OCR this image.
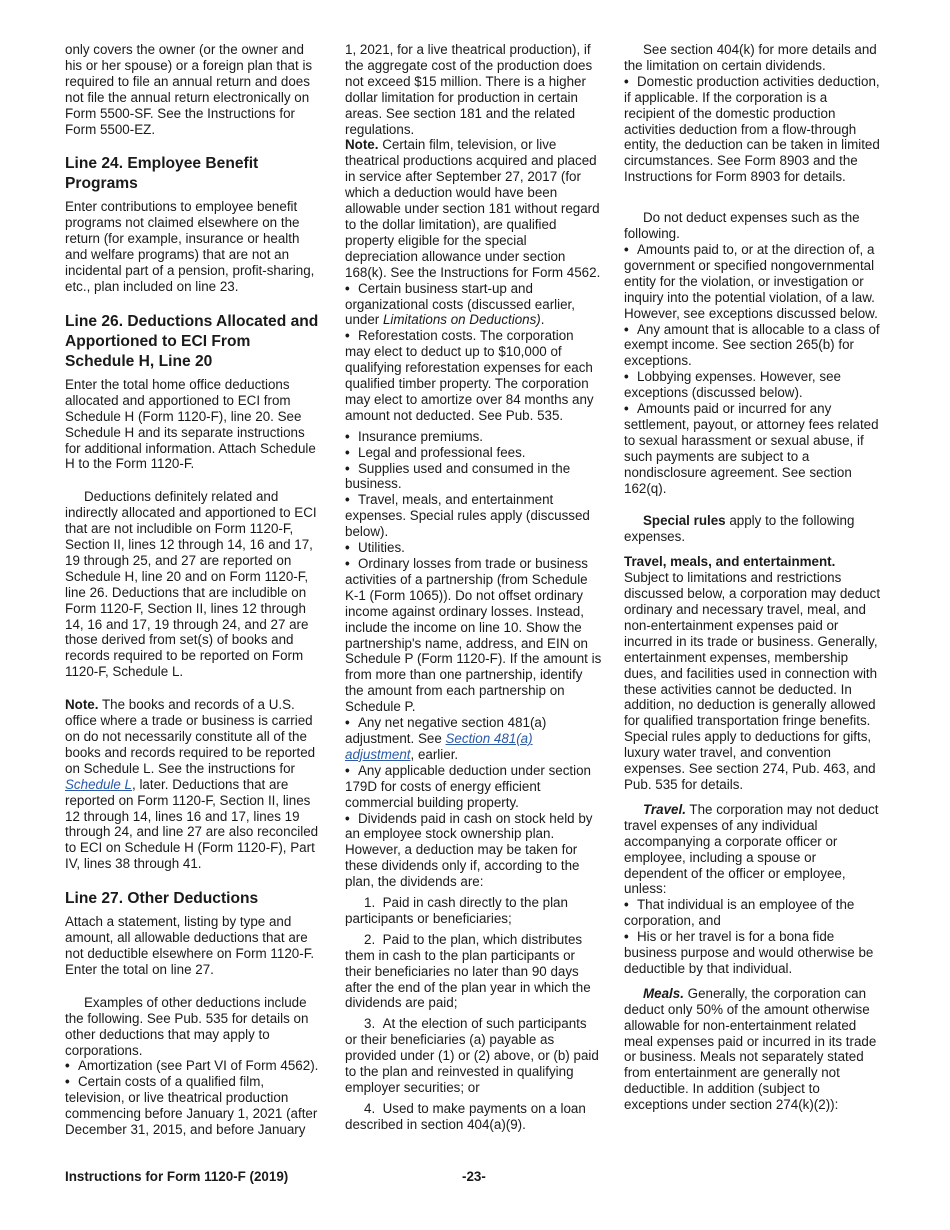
only covers the owner (or the owner and his or her spouse) or a foreign plan that is required to file an annual return and does not file the annual return electronically on Form 5500-SF. See the Instructions for Form 5500-EZ.

Line 24. Employee Benefit Programs

Enter contributions to employee benefit programs not claimed elsewhere on the return (for example, insurance or health and welfare programs) that are not an incidental part of a pension, profit-sharing, etc., plan included on line 23.

Line 26. Deductions Allocated and Apportioned to ECI From Schedule H, Line 20

Enter the total home office deductions allocated and apportioned to ECI from Schedule H (Form 1120-F), line 20. See Schedule H and its separate instructions for additional information. Attach Schedule H to the Form 1120-F.

Deductions definitely related and indirectly allocated and apportioned to ECI that are not includible on Form 1120-F, Section II, lines 12 through 14, 16 and 17, 19 through 25, and 27 are reported on Schedule H, line 20 and on Form 1120-F, line 26. Deductions that are includible on Form 1120-F, Section II, lines 12 through 14, 16 and 17, 19 through 24, and 27 are those derived from set(s) of books and records required to be reported on Form 1120-F, Schedule L.

Note. The books and records of a U.S. office where a trade or business is carried on do not necessarily constitute all of the books and records required to be reported on Schedule L. See the instructions for Schedule L, later. Deductions that are reported on Form 1120-F, Section II, lines 12 through 14, lines 16 and 17, lines 19 through 24, and line 27 are also reconciled to ECI on Schedule H (Form 1120-F), Part IV, lines 38 through 41.

Line 27. Other Deductions

Attach a statement, listing by type and amount, all allowable deductions that are not deductible elsewhere on Form 1120-F. Enter the total on line 27.

Examples of other deductions include the following. See Pub. 535 for details on other deductions that may apply to corporations.

• Amortization (see Part VI of Form 4562).

• Certain costs of a qualified film, television, or live theatrical production commencing before January 1, 2021 (after December 31, 2015, and before January

1, 2021, for a live theatrical production), if the aggregate cost of the production does not exceed $15 million. There is a higher dollar limitation for production in certain areas. See section 181 and the related regulations.

Note. Certain film, television, or live theatrical productions acquired and placed in service after September 27, 2017 (for which a deduction would have been allowable under section 181 without regard to the dollar limitation), are qualified property eligible for the special depreciation allowance under section 168(k). See the Instructions for Form 4562.

• Certain business start-up and organizational costs (discussed earlier, under Limitations on Deductions).

• Reforestation costs. The corporation may elect to deduct up to $10,000 of qualifying reforestation expenses for each qualified timber property. The corporation may elect to amortize over 84 months any amount not deducted. See Pub. 535.

• Insurance premiums.

• Legal and professional fees.

• Supplies used and consumed in the business.

• Travel, meals, and entertainment expenses. Special rules apply (discussed below).

• Utilities.

• Ordinary losses from trade or business activities of a partnership (from Schedule K-1 (Form 1065)). Do not offset ordinary income against ordinary losses. Instead, include the income on line 10. Show the partnership's name, address, and EIN on Schedule P (Form 1120-F). If the amount is from more than one partnership, identify the amount from each partnership on Schedule P.

• Any net negative section 481(a) adjustment. See Section 481(a) adjustment, earlier.

• Any applicable deduction under section 179D for costs of energy efficient commercial building property.

• Dividends paid in cash on stock held by an employee stock ownership plan. However, a deduction may be taken for these dividends only if, according to the plan, the dividends are:

1.  Paid in cash directly to the plan participants or beneficiaries;

2.  Paid to the plan, which distributes them in cash to the plan participants or their beneficiaries no later than 90 days after the end of the plan year in which the dividends are paid;

3.  At the election of such participants or their beneficiaries (a) payable as provided under (1) or (2) above, or (b) paid to the plan and reinvested in qualifying employer securities; or

4.  Used to make payments on a loan described in section 404(a)(9).

See section 404(k) for more details and the limitation on certain dividends.

• Domestic production activities deduction, if applicable. If the corporation is a recipient of the domestic production activities deduction from a flow-through entity, the deduction can be taken in limited circumstances. See Form 8903 and the Instructions for Form 8903 for details.

Do not deduct expenses such as the following.

• Amounts paid to, or at the direction of, a government or specified nongovernmental entity for the violation, or investigation or inquiry into the potential violation, of a law. However, see exceptions discussed below.

• Any amount that is allocable to a class of exempt income. See section 265(b) for exceptions.

• Lobbying expenses. However, see exceptions (discussed below).

• Amounts paid or incurred for any settlement, payout, or attorney fees related to sexual harassment or sexual abuse, if such payments are subject to a nondisclosure agreement. See section 162(q).

Special rules apply to the following expenses.

Travel, meals, and entertainment. Subject to limitations and restrictions discussed below, a corporation may deduct ordinary and necessary travel, meal, and non-entertainment expenses paid or incurred in its trade or business. Generally, entertainment expenses, membership dues, and facilities used in connection with these activities cannot be deducted. In addition, no deduction is generally allowed for qualified transportation fringe benefits. Special rules apply to deductions for gifts, luxury water travel, and convention expenses. See section 274, Pub. 463, and Pub. 535 for details.

Travel. The corporation may not deduct travel expenses of any individual accompanying a corporate officer or employee, including a spouse or dependent of the officer or employee, unless:

• That individual is an employee of the corporation, and

• His or her travel is for a bona fide business purpose and would otherwise be deductible by that individual.

Meals. Generally, the corporation can deduct only 50% of the amount otherwise allowable for non-entertainment related meal expenses paid or incurred in its trade or business. Meals not separately stated from entertainment are generally not deductible. In addition (subject to exceptions under section 274(k)(2)):

Instructions for Form 1120-F (2019)	-23-
